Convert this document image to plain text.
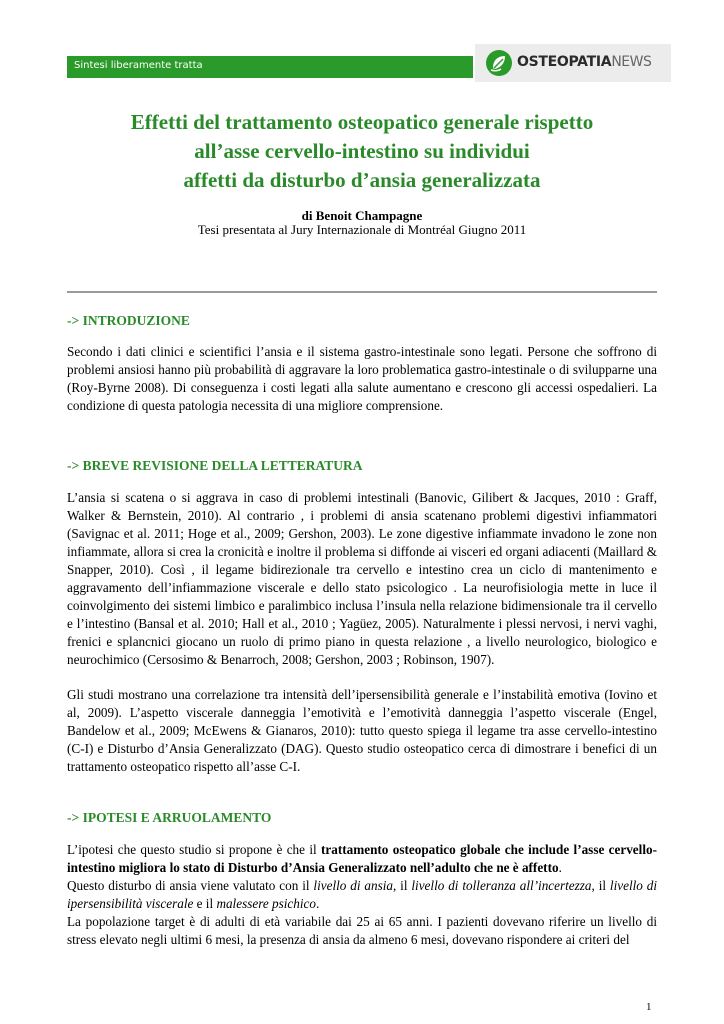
Sintesi liberamente tratta	OSTEOPATIANEWS
Effetti del trattamento osteopatico generale rispetto
all’asse cervello-intestino su individui
affetti da disturbo d’ansia generalizzata
di Benoit Champagne
Tesi presentata al Jury Internazionale di Montréal Giugno 2011
-> INTRODUZIONE

Secondo i dati clinici e scientifici l’ansia e il sistema gastro-intestinale sono legati. Persone che soffrono di problemi ansiosi hanno più probabilità di aggravare la loro problematica gastro-intestinale o di svilupparne una (Roy-Byrne 2008). Di conseguenza i costi legati alla salute aumentano e crescono gli accessi ospedalieri. La condizione di questa patologia necessita di una migliore comprensione.

-> BREVE REVISIONE DELLA LETTERATURA

L’ansia si scatena o si aggrava in caso di problemi intestinali (Banovic, Gilibert & Jacques, 2010 : Graff, Walker & Bernstein, 2010). Al contrario , i problemi di ansia scatenano problemi digestivi infiammatori (Savignac et al. 2011; Hoge et al., 2009; Gershon, 2003). Le zone digestive infiammate invadono le zone non infiammate, allora si crea la cronicità e inoltre il problema si diffonde ai visceri ed organi adiacenti (Maillard & Snapper, 2010). Così , il legame bidirezionale tra cervello e intestino crea un ciclo di mantenimento e aggravamento dell’infiammazione viscerale e dello stato psicologico . La neurofisiologia mette in luce il coinvolgimento dei sistemi limbico e paralimbico inclusa l’insula nella relazione bidimensionale tra il cervello e l’intestino (Bansal et al. 2010; Hall et al., 2010 ; Yagüez, 2005). Naturalmente i plessi nervosi, i nervi vaghi, frenici e splancnici giocano un ruolo di primo piano in questa relazione , a livello neurologico, biologico e neurochimico (Cersosimo & Benarroch, 2008; Gershon, 2003 ; Robinson, 1907).

Gli studi mostrano una correlazione tra intensità dell’ipersensibilità generale e l’instabilità emotiva (Iovino et al, 2009). L’aspetto viscerale danneggia l’emotività e l’emotività danneggia l’aspetto viscerale (Engel, Bandelow et al., 2009; McEwens & Gianaros, 2010): tutto questo spiega il legame tra asse cervello-intestino (C-I) e Disturbo d’Ansia Generalizzato (DAG). Questo studio osteopatico cerca di dimostrare i benefici di un trattamento osteopatico rispetto all’asse C-I.

-> IPOTESI E ARRUOLAMENTO

L’ipotesi che questo studio si propone è che il trattamento osteopatico globale che include l’asse cervello-intestino migliora lo stato di Disturbo d’Ansia Generalizzato nell’adulto che ne è affetto.

Questo disturbo di ansia viene valutato con il livello di ansia, il livello di tolleranza all’incertezza, il livello di ipersensibilità viscerale e il malessere psichico.

La popolazione target è di adulti di età variabile dai 25 ai 65 anni. I pazienti dovevano riferire un livello di stress elevato negli ultimi 6 mesi, la presenza di ansia da almeno 6 mesi, dovevano rispondere ai criteri del

1
